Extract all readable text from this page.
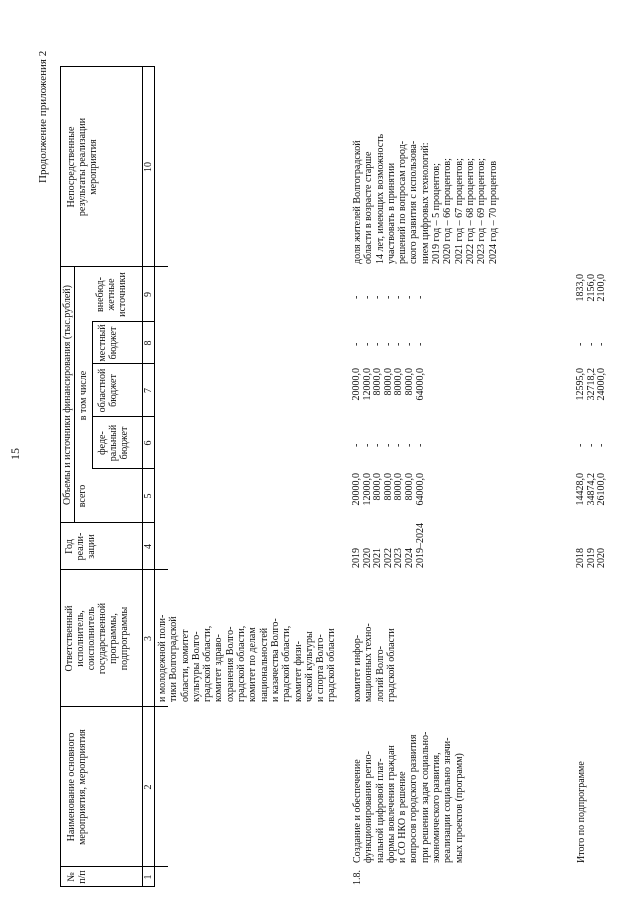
15
Продолжение приложения 2
№
п/п
Наименование основного
мероприятия, мероприятия
Ответственный
исполнитель,
соисполнитель
государственной
программы,
подпрограммы
Год
реали-
зации
Объемы и источники финансирования (тыс.рублей) всего
в том числе
феде-
ральный
бюджет
областной
бюджет
местный
бюджет
внебюд-
жетные
источники
Непосредственные
результаты реализации
мероприятия
1
2
3
4
5
6
7
8
9
10
и молодежной поли-
тики Волгоградской
области, комитет
культуры Волго-
градской области,
комитет здраво-
охранения Волго-
градской области,
комитет по делам
национальностей
и казачества Волго-
градской области,
комитет физи-
ческой культуры
и спорта Волго-
градской области
1.8.
Создание и обеспечение
функционирования регио-
нальной цифровой плат-
формы вовлечения граждан
и СО НКО в решение
вопросов городского развития
при решении задач социально-
экономического развития,
реализации социально значи-
мых проектов (программ)
комитет инфор-
мационных техно-
логий Волго-
градской области
2019
2020
2021
2022
2023
2024
2019–2024
20000,0
12000,0
8000,0
8000,0
8000,0
8000,0
64000,0
-
-
-
-
-
-
-
20000,0
12000,0
8000,0
8000,0
8000,0
8000,0
64000,0
-
-
-
-
-
-
-
-
-
-
-
-
-
-
доля жителей Волгоградской
области в возрасте старше
14 лет, имеющих возможность
участвовать в принятии
решений по вопросам город-
ского развития с использова-
нием цифровых технологий:
2019 год – 5 процентов;
2020 год – 66 процентов;
2021 год – 67 процентов;
2022 год – 68 процентов;
2023 год – 69 процентов;
2024 год – 70 процентов
Итого по подпрограмме
2018
2019
2020
14428,0
34874,2
26100,0
-
-
-
12595,0
32718,2
24000,0
-
-
-
1833,0
2156,0
2100,0
